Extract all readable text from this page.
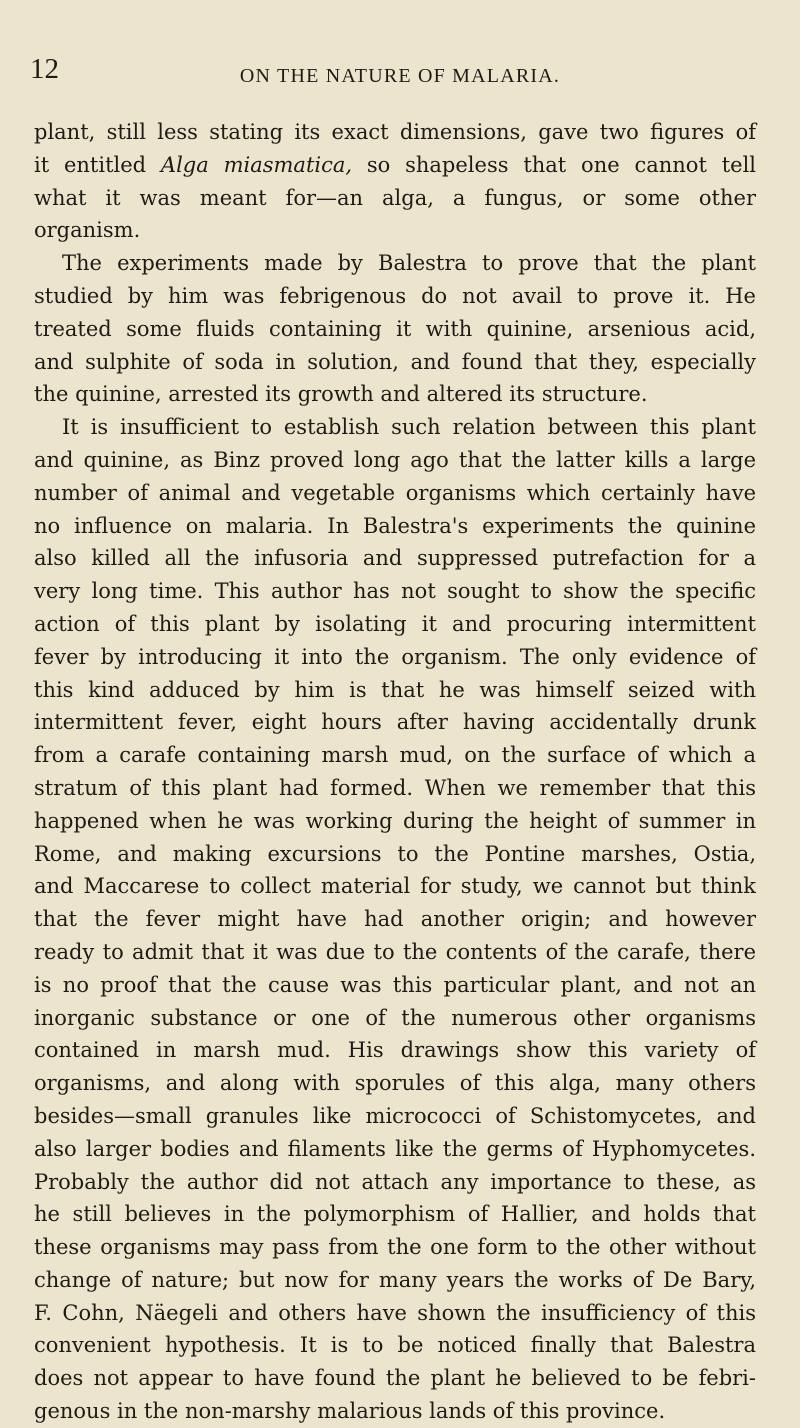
12	ON THE NATURE OF MALARIA.
plant, still less stating its exact dimensions, gave two figures of
it entitled Alga miasmatica, so shapeless that one cannot tell
what it was meant for—an alga, a fungus, or some other
organism.
The experiments made by Balestra to prove that the plant
studied by him was febrigenous do not avail to prove it. He
treated some fluids containing it with quinine, arsenious acid,
and sulphite of soda in solution, and found that they, especially
the quinine, arrested its growth and altered its structure.
It is insufficient to establish such relation between this plant
and quinine, as Binz proved long ago that the latter kills a large
number of animal and vegetable organisms which certainly have
no influence on malaria. In Balestra's experiments the quinine
also killed all the infusoria and suppressed putrefaction for a
very long time. This author has not sought to show the specific
action of this plant by isolating it and procuring intermittent
fever by introducing it into the organism. The only evidence of
this kind adduced by him is that he was himself seized with
intermittent fever, eight hours after having accidentally drunk
from a carafe containing marsh mud, on the surface of which a
stratum of this plant had formed. When we remember that this
happened when he was working during the height of summer in
Rome, and making excursions to the Pontine marshes, Ostia,
and Maccarese to collect material for study, we cannot but think
that the fever might have had another origin; and however
ready to admit that it was due to the contents of the carafe, there
is no proof that the cause was this particular plant, and not an
inorganic substance or one of the numerous other organisms
contained in marsh mud. His drawings show this variety of
organisms, and along with sporules of this alga, many others
besides—small granules like micrococci of Schistomycetes, and
also larger bodies and filaments like the germs of Hyphomycetes.
Probably the author did not attach any importance to these, as
he still believes in the polymorphism of Hallier, and holds that
these organisms may pass from the one form to the other without
change of nature; but now for many years the works of De Bary,
F. Cohn, Näegeli and others have shown the insufficiency of this
convenient hypothesis. It is to be noticed finally that Balestra
does not appear to have found the plant he believed to be febri-
genous in the non-marshy malarious lands of this province.
